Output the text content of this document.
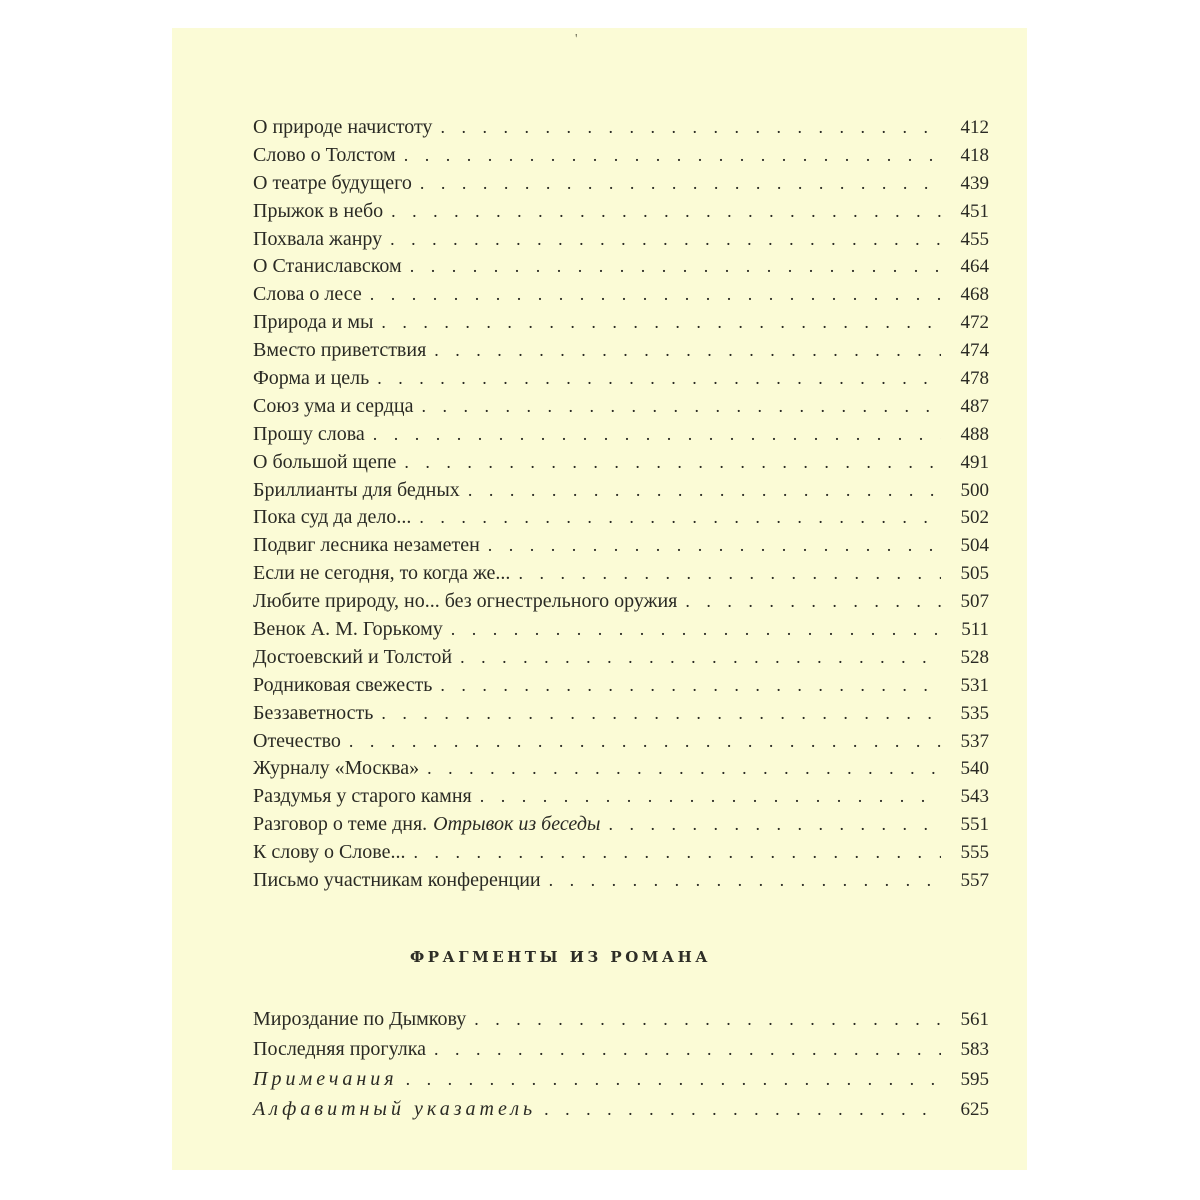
'
О природе начистоту . . .	412
Слово о Толстом . . .	418
О театре будущего . . .	439
Прыжок в небо . . .	451
Похвала жанру . . .	455
О Станиславском . . .	464
Слова о лесе . . .	468
Природа и мы . . .	472
Вместо приветствия . . .	474
Форма и цель . . .	478
Союз ума и сердца . . .	487
Прошу слова . . .	488
О большой щепе . . .	491
Бриллианты для бедных . . .	500
Пока суд да дело... . . .	502
Подвиг лесника незаметен . . .	504
Если не сегодня, то когда же... . . .	505
Любите природу, но... без огнестрельного оружия . . .	507
Венок А. М. Горькому . . .	511
Достоевский и Толстой . . .	528
Родниковая свежесть . . .	531
Беззаветность . . .	535
Отечество . . .	537
Журналу «Москва» . . .	540
Раздумья у старого камня . . .	543
Разговор о теме дня. Отрывок из беседы . . .	551
К слову о Слове... . . .	555
Письмо участникам конференции . . .	557
ФРАГМЕНТЫ ИЗ РОМАНА
Мироздание по Дымкову . . .	561
Последняя прогулка . . .	583
Примечания . . .	595
Алфавитный указатель . . .	625
